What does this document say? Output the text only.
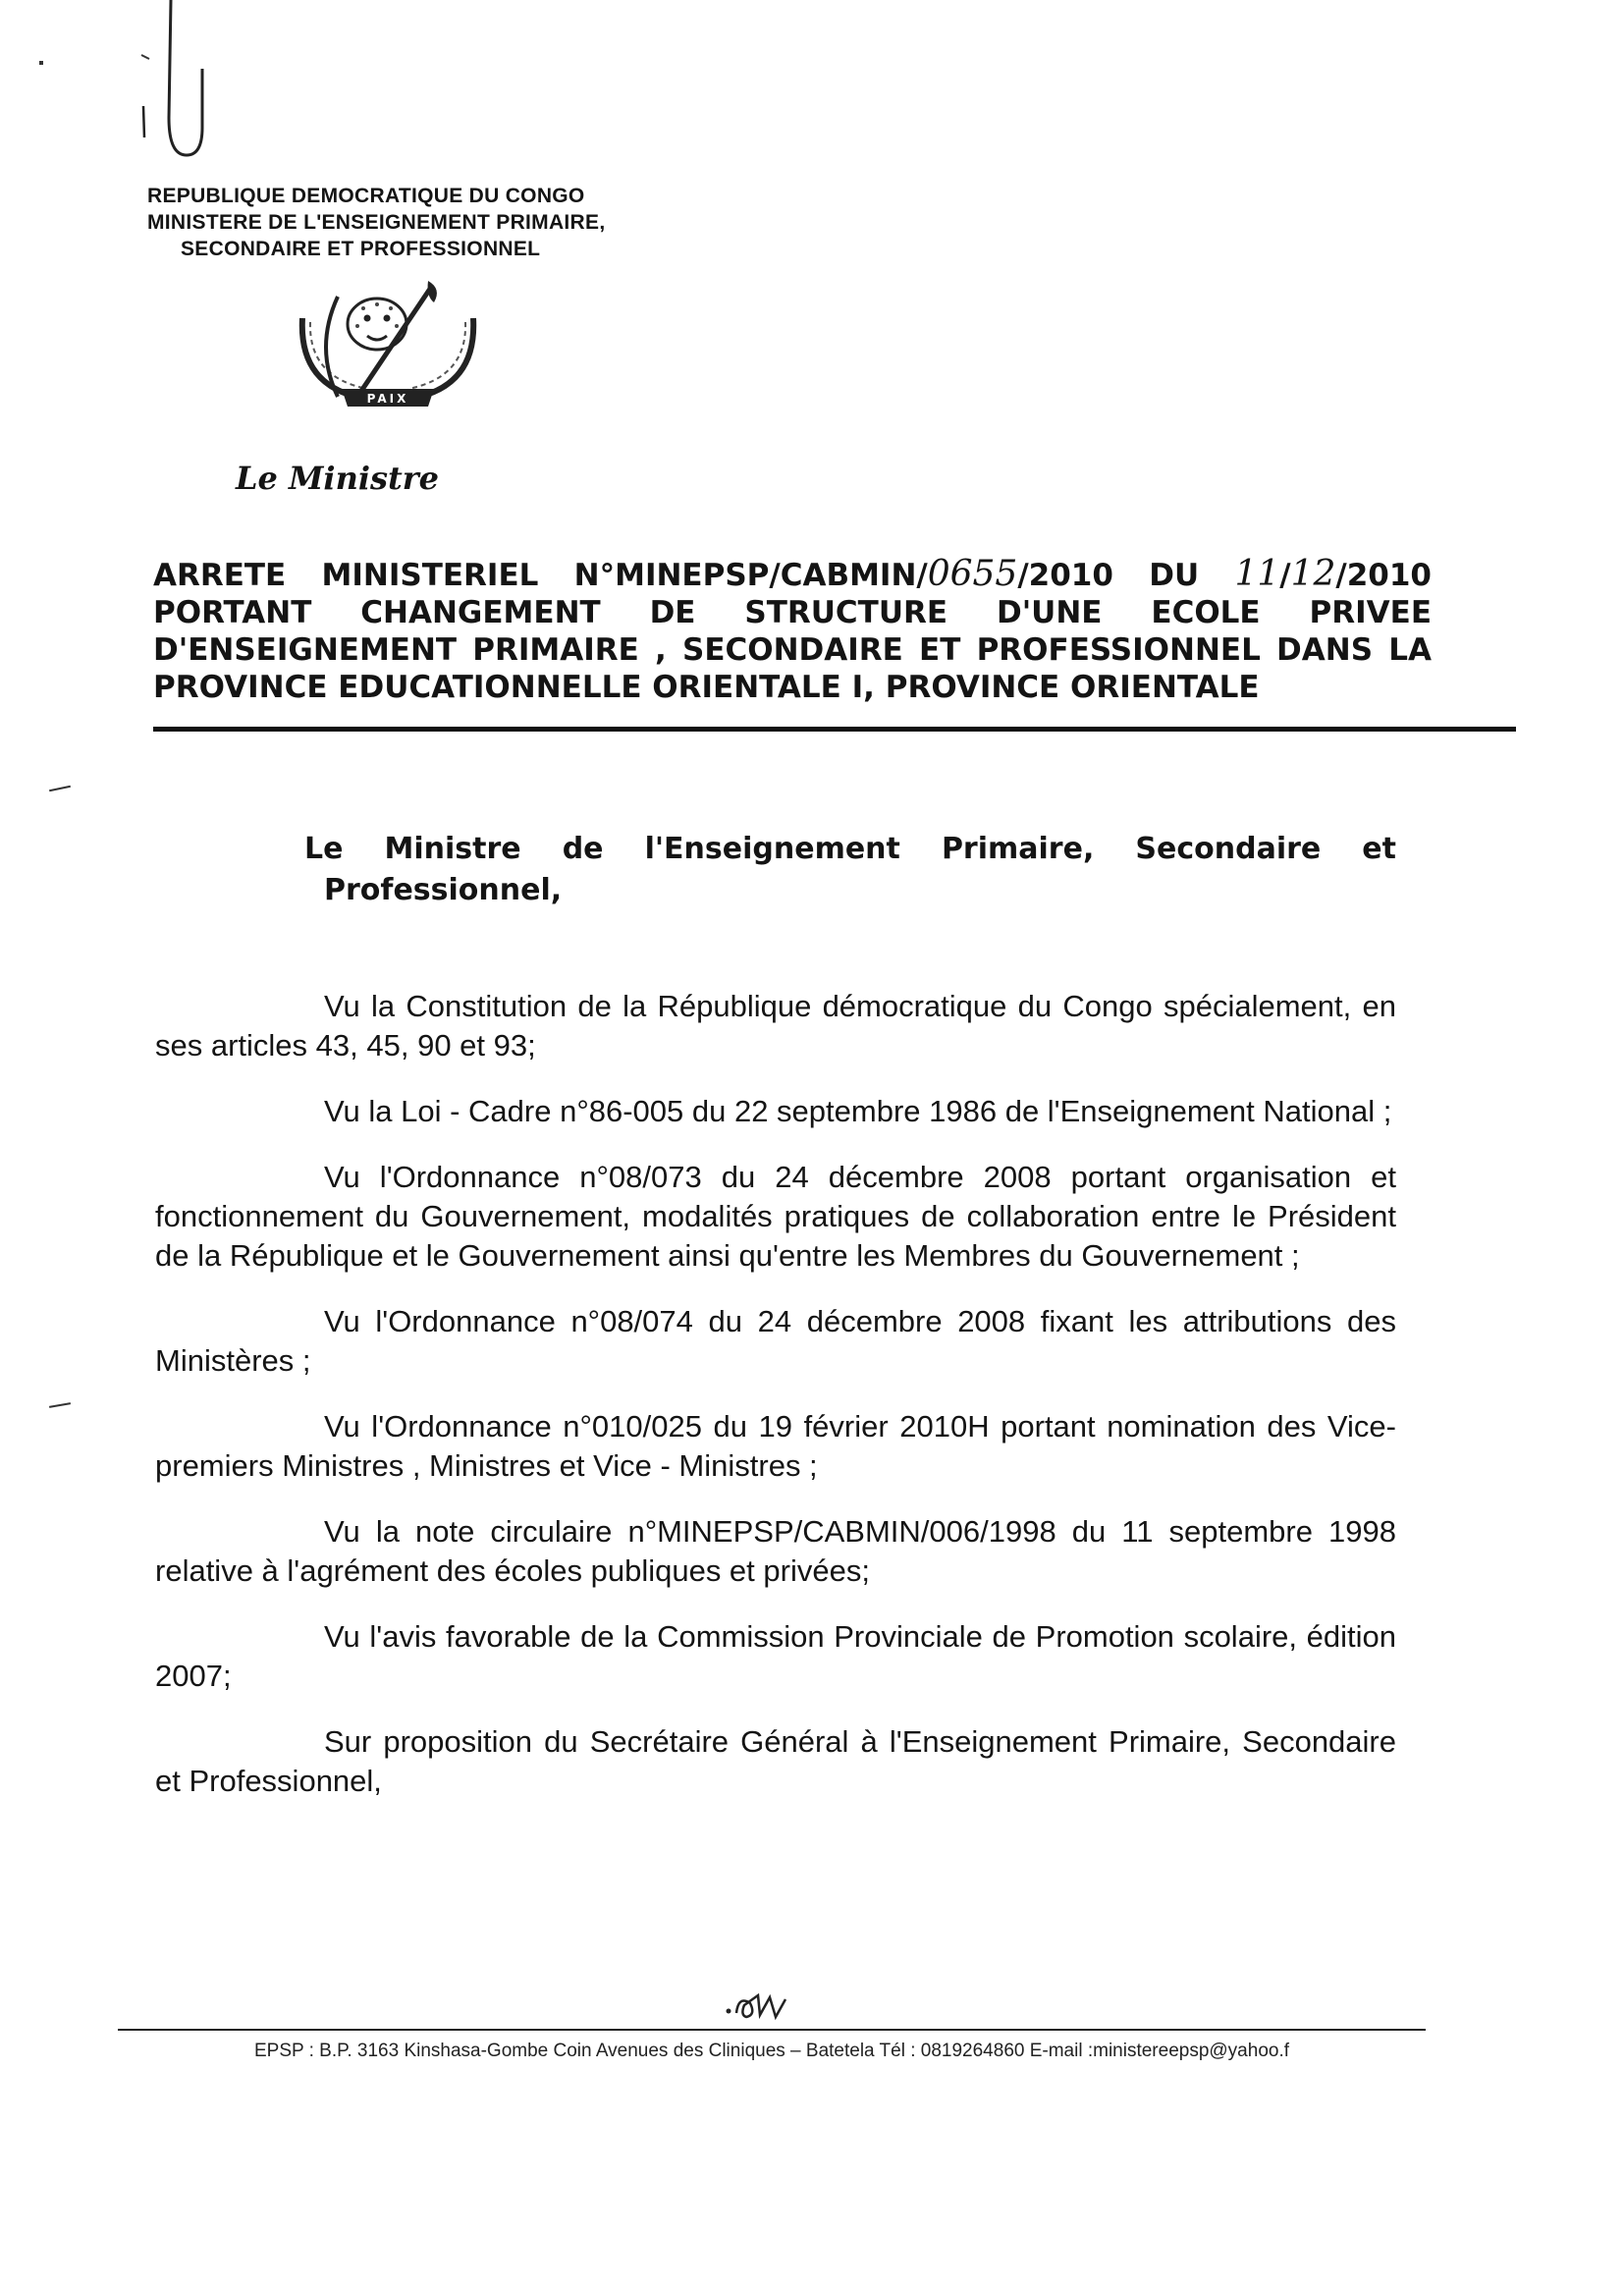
REPUBLIQUE DEMOCRATIQUE DU CONGO
MINISTERE DE L'ENSEIGNEMENT PRIMAIRE,
SECONDAIRE ET PROFESSIONNEL
PAIX
Le Ministre
ARRETE MINISTERIEL N°MINEPSP/CABMIN/0655/2010 DU 11/12/2010
PORTANT CHANGEMENT DE STRUCTURE D'UNE ECOLE PRIVEE
D'ENSEIGNEMENT PRIMAIRE , SECONDAIRE ET PROFESSIONNEL DANS LA
PROVINCE EDUCATIONNELLE ORIENTALE I, PROVINCE ORIENTALE
Le Ministre de l'Enseignement Primaire, Secondaire et
Professionnel,

Vu la Constitution de la République démocratique du Congo spécialement, en ses articles 43, 45, 90 et 93;

Vu la Loi - Cadre n°86-005 du 22 septembre 1986 de l'Enseignement National ;

Vu l'Ordonnance n°08/073 du 24 décembre 2008 portant organisation et fonctionnement du Gouvernement, modalités pratiques de collaboration entre le Président de la République et le Gouvernement ainsi qu'entre les Membres du Gouvernement ;

Vu l'Ordonnance n°08/074 du 24 décembre 2008 fixant les attributions des Ministères ;

Vu l'Ordonnance n°010/025 du 19 février 2010H portant nomination des Vice-premiers Ministres , Ministres et Vice - Ministres ;

Vu la note circulaire n°MINEPSP/CABMIN/006/1998 du 11 septembre 1998 relative à l'agrément des écoles publiques et privées;

Vu l'avis favorable de la Commission Provinciale de Promotion scolaire, édition 2007;

Sur proposition du Secrétaire Général à l'Enseignement Primaire, Secondaire et Professionnel,

EPSP : B.P. 3163 Kinshasa-Gombe Coin Avenues des Cliniques – Batetela Tél : 0819264860 E-mail :ministereepsp@yahoo.f
